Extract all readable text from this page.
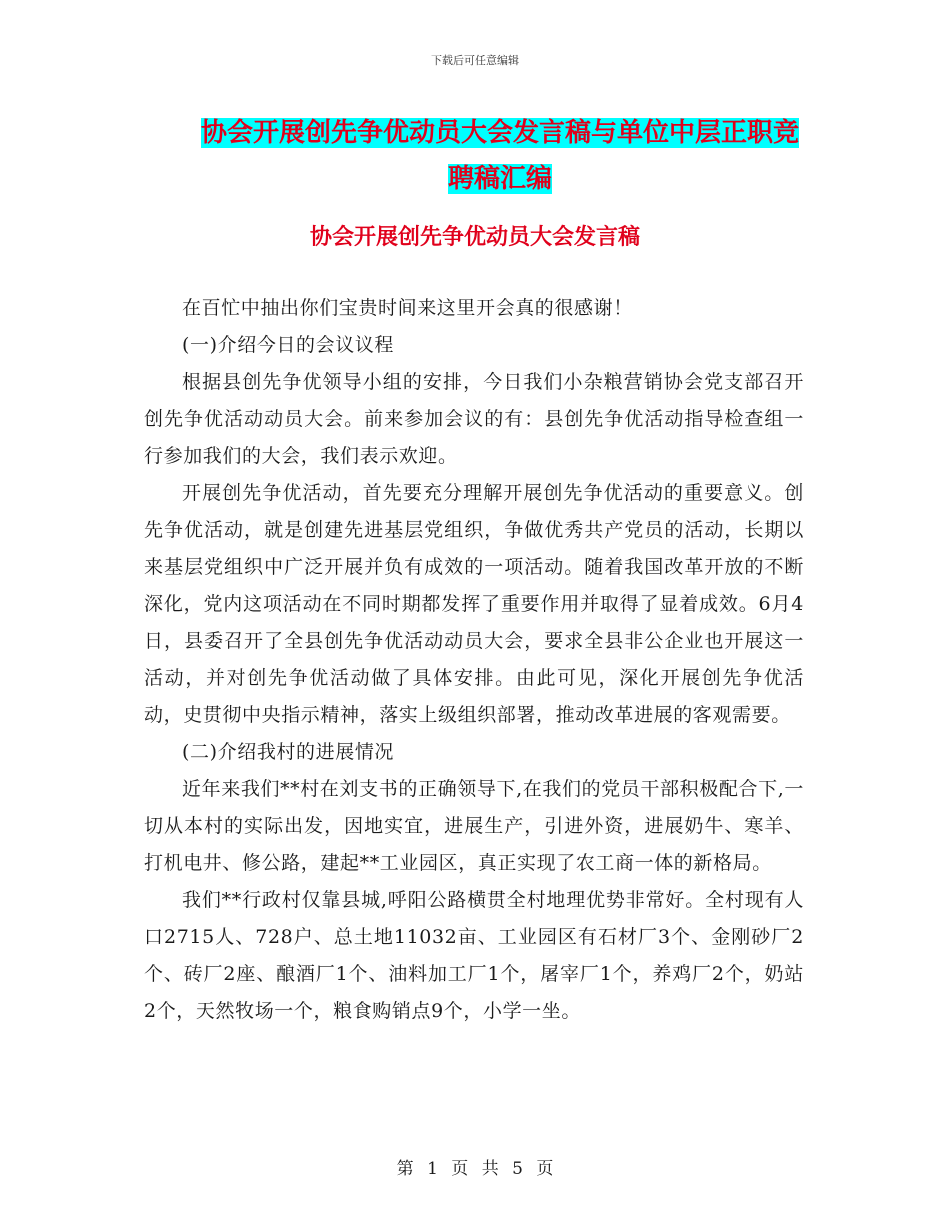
下载后可任意编辑
协会开展创先争优动员大会发言稿与单位中层正职竞
聘稿汇编
协会开展创先争优动员大会发言稿

在百忙中抽出你们宝贵时间来这里开会真的很感谢！

(一)介绍今日的会议议程

根据县创先争优领导小组的安排，今日我们小杂粮营销协会党支部召开创先争优活动动员大会。前来参加会议的有：县创先争优活动指导检查组一行参加我们的大会，我们表示欢迎。

开展创先争优活动，首先要充分理解开展创先争优活动的重要意义。创先争优活动，就是创建先进基层党组织，争做优秀共产党员的活动，长期以来基层党组织中广泛开展并负有成效的一项活动。随着我国改革开放的不断深化，党内这项活动在不同时期都发挥了重要作用并取得了显着成效。6月4日，县委召开了全县创先争优活动动员大会，要求全县非公企业也开展这一活动，并对创先争优活动做了具体安排。由此可见，深化开展创先争优活动，史贯彻中央指示精神，落实上级组织部署，推动改革进展的客观需要。

(二)介绍我村的进展情况

近年来我们**村在刘支书的正确领导下,在我们的党员干部积极配合下,一切从本村的实际出发，因地实宜，进展生产，引进外资，进展奶牛、寒羊、打机电井、修公路，建起**工业园区，真正实现了农工商一体的新格局。

我们**行政村仅靠县城,呼阳公路横贯全村地理优势非常好。全村现有人口2715人、728户、总土地11032亩、工业园区有石材厂3个、金刚砂厂2个、砖厂2座、酿酒厂1个、油料加工厂1个，屠宰厂1个，养鸡厂2个，奶站2个，天然牧场一个，粮食购销点9个，小学一坐。

第 1 页 共 5 页
